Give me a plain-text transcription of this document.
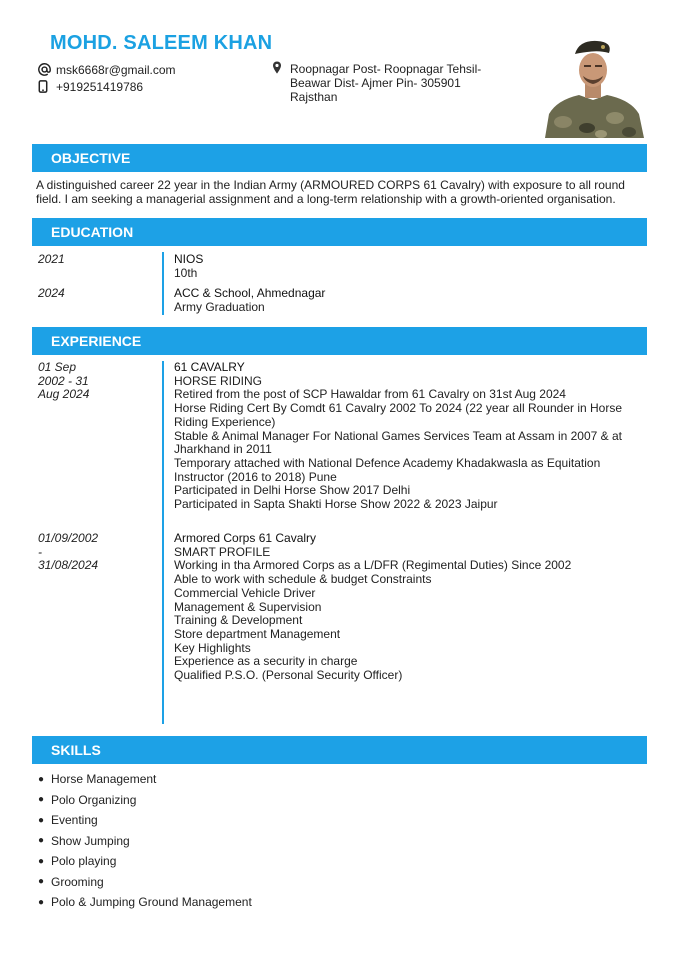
MOHD. SALEEM KHAN
msk6668r@gmail.com
+919251419786
Roopnagar Post- Roopnagar Tehsil- Beawar Dist- Ajmer Pin- 305901 Rajsthan
OBJECTIVE
A distinguished career 22 year in the Indian Army (ARMOURED CORPS 61 Cavalry) with exposure to all round field. I am seeking a managerial assignment and a long-term relationship with a growth-oriented organisation.
EDUCATION
2021	NIOS
10th
2024	ACC & School, Ahmednagar
Army Graduation
EXPERIENCE
01 Sep
2002 - 31
Aug 2024
61 CAVALRY
HORSE RIDING
Retired from the post of SCP Hawaldar from 61 Cavalry on 31st Aug 2024
Horse Riding Cert By Comdt 61 Cavalry 2002 To 2024 (22 year all Rounder in Horse
Riding Experience)
Stable & Animal Manager For National Games Services Team at Assam in 2007 & at
Jharkhand in 2011
Temporary attached with National Defence Academy Khadakwasla as Equitation
Instructor (2016 to 2018) Pune
Participated in Delhi Horse Show 2017 Delhi
Participated in Sapta Shakti Horse Show 2022 & 2023 Jaipur
01/09/2002
-
31/08/2024
Armored Corps 61 Cavalry
SMART PROFILE
Working in tha Armored Corps as a L/DFR (Regimental Duties) Since 2002
Able to work with schedule & budget Constraints
Commercial Vehicle Driver
Management & Supervision
Training & Development
Store department Management
Key Highlights
Experience as a security in charge
Qualified P.S.O. (Personal Security Officer)
SKILLS
● Horse Management
● Polo Organizing
● Eventing
● Show Jumping
● Polo playing
● Grooming
● Polo & Jumping Ground Management
